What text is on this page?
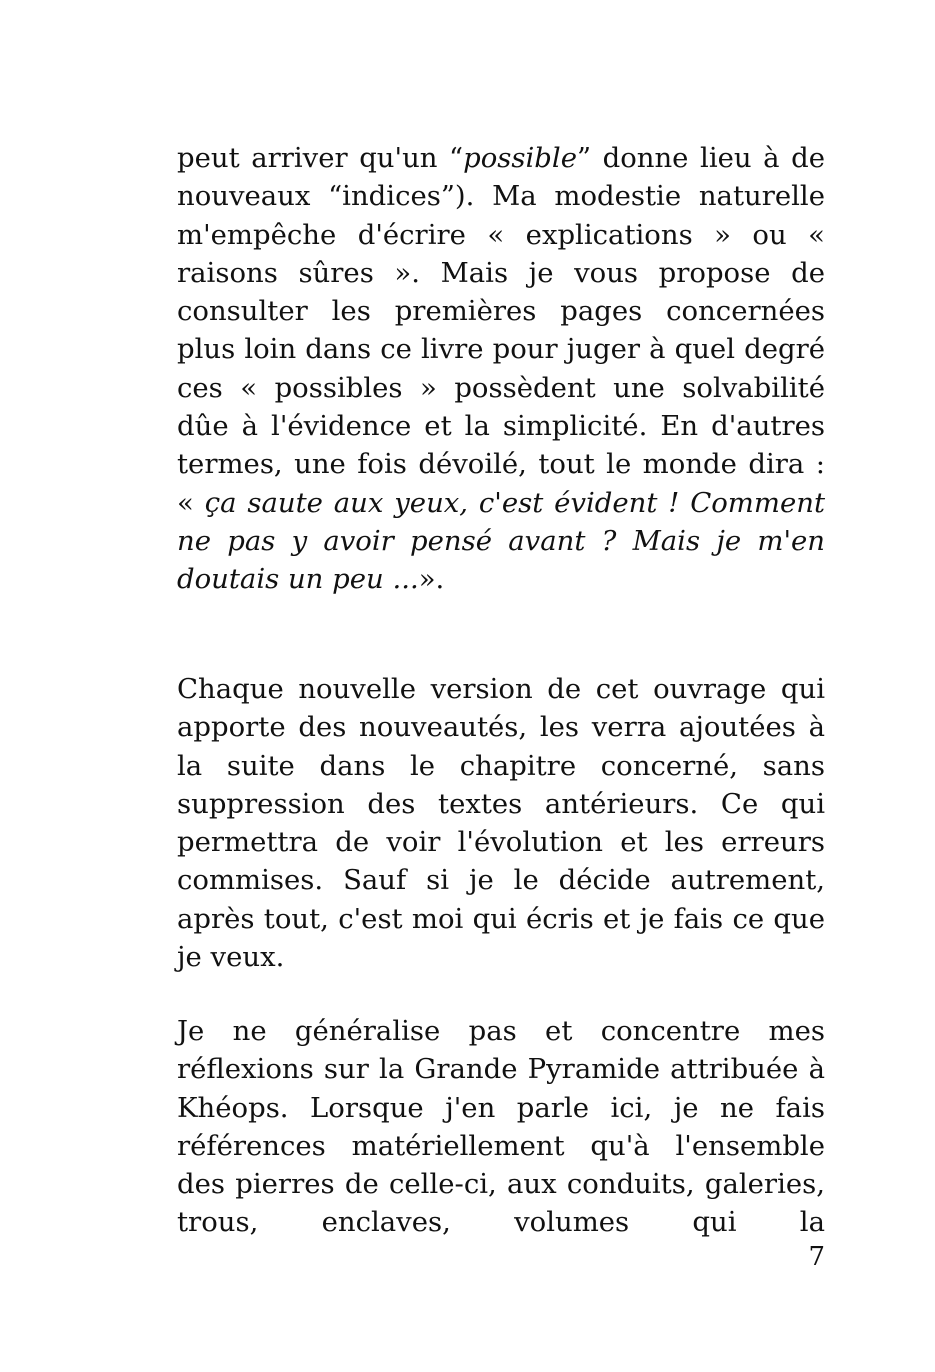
peut arriver qu'un “possible” donne lieu à de nouveaux “indices”). Ma modestie naturelle m'empêche d'écrire « explications » ou « raisons sûres ». Mais je vous propose de consulter les premières pages concernées plus loin dans ce livre pour juger à quel degré ces « possibles » possèdent une solvabilité dûe à l'évidence et la simplicité. En d'autres termes, une fois dévoilé, tout le monde dira : « ça saute aux yeux, c'est évident ! Comment ne pas y avoir pensé avant ? Mais je m'en doutais un peu ...».

Chaque nouvelle version de cet ouvrage qui apporte des nouveautés, les verra ajoutées à la suite dans le chapitre concerné, sans suppression des textes antérieurs. Ce qui permettra de voir l'évolution et les erreurs commises. Sauf si je le décide autrement, après tout, c'est moi qui écris et je fais ce que je veux.

Je ne généralise pas et concentre mes réflexions sur la Grande Pyramide attribuée à Khéops. Lorsque j'en parle ici, je ne fais références matériellement qu'à l'ensemble des pierres de celle-ci, aux conduits, galeries, trous, enclaves, volumes qui la

7
